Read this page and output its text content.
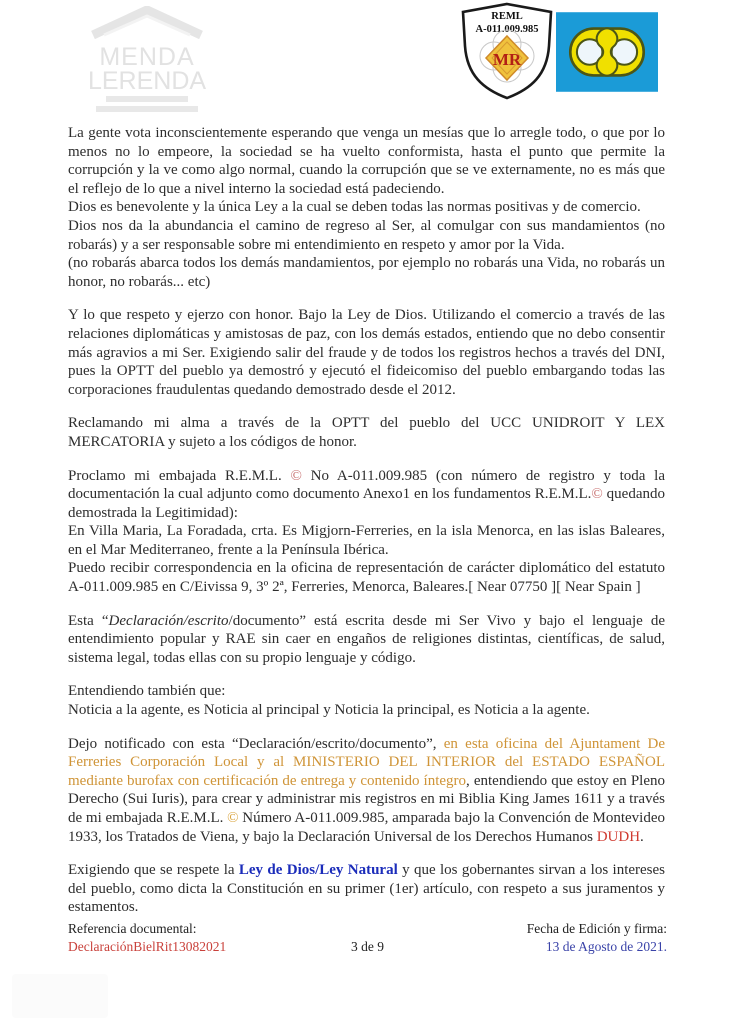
MENDA
LERENDA
REML
A-011.009.985
MR

La gente vota inconscientemente esperando que venga un mesías que lo arregle todo, o que por lo menos no lo empeore, la sociedad se ha vuelto conformista, hasta el punto que permite la corrupción y la ve como algo normal, cuando la corrupción que se ve externamente, no es más que el reflejo de lo que a nivel interno la sociedad está padeciendo.

Dios es benevolente y la única Ley a la cual se deben todas las normas positivas y de comercio.

Dios nos da la abundancia el camino de regreso al Ser, al comulgar con sus mandamientos (no robarás) y a ser responsable sobre mi entendimiento en respeto y amor por la Vida.

(no robarás abarca todos los demás mandamientos, por ejemplo no robarás una Vida, no robarás un honor, no robarás... etc)

Y lo que respeto y ejerzo con honor. Bajo la Ley de Dios. Utilizando el comercio a través de las relaciones diplomáticas y amistosas de paz, con los demás estados, entiendo que no debo consentir más agravios a mi Ser. Exigiendo salir del fraude y de todos los registros hechos a través del DNI, pues la OPTT del pueblo ya demostró y ejecutó el fideicomiso del pueblo embargando todas las corporaciones fraudulentas quedando demostrado desde el 2012.

Reclamando mi alma a través de la OPTT del pueblo del UCC UNIDROIT Y LEX MERCATORIA y sujeto a los códigos de honor.

Proclamo mi embajada R.E.M.L. © No A-011.009.985 (con número de registro y toda la documentación la cual adjunto como documento Anexo1 en los fundamentos R.E.M.L.© quedando demostrada la Legitimidad):

En Villa Maria, La Foradada, crta. Es Migjorn-Ferreries, en la isla Menorca, en las islas Baleares, en el Mar Mediterraneo, frente a la Península Ibérica.

Puedo recibir correspondencia en la oficina de representación de carácter diplomático del estatuto A-011.009.985 en C/Eivissa 9, 3º 2ª, Ferreries, Menorca, Baleares.[ Near 07750 ][ Near Spain ]

Esta “Declaración/escrito/documento” está escrita desde mi Ser Vivo y bajo el lenguaje de entendimiento popular y RAE sin caer en engaños de religiones distintas, científicas, de salud, sistema legal, todas ellas con su propio lenguaje y código.

Entendiendo también que:

Noticia a la agente, es Noticia al principal y Noticia la principal, es Noticia a la agente.

Dejo notificado con esta “Declaración/escrito/documento”, en esta oficina del Ajuntament De Ferreries Corporación Local y al MINISTERIO DEL INTERIOR del ESTADO ESPAÑOL mediante burofax con certificación de entrega y contenido íntegro, entendiendo que estoy en Pleno Derecho (Sui Iuris), para crear y administrar mis registros en mi Biblia King James 1611 y a través de mi embajada R.E.M.L. © Número A-011.009.985, amparada bajo la Convención de Montevideo 1933, los Tratados de Viena, y bajo la Declaración Universal de los Derechos Humanos DUDH.

Exigiendo que se respete la Ley de Dios/Ley Natural y que los gobernantes sirvan a los intereses del pueblo, como dicta la Constitución en su primer (1er) artículo, con respeto a sus juramentos y estamentos.

Referencia documental:
DeclaraciónBielRit13082021	3 de 9
Fecha de Edición y firma:
13 de Agosto de 2021.
